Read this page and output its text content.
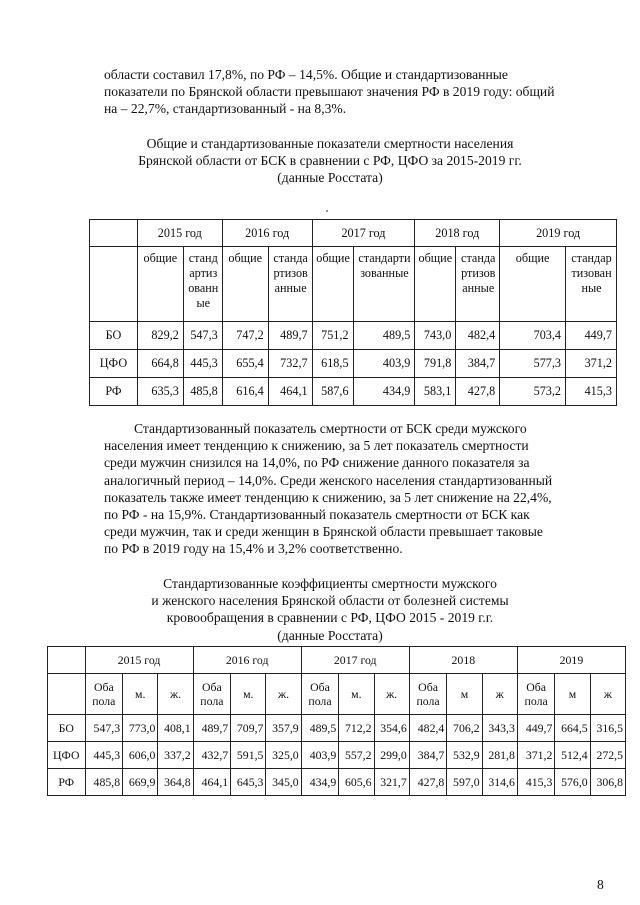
области составил 17,8%, по РФ – 14,5%. Общие и стандартизованные
показатели по Брянской области превышают значения РФ в 2019 году: общий
на – 22,7%, стандартизованный - на 8,3%.
Общие и стандартизованные показатели смертности населения
Брянской области от БСК в сравнении с РФ, ЦФО за 2015-2019 гг.
(данные Росстата)
	2015 год		2016 год		2017 год		2018 год		2019 год	
	общие	стандартизованные	общие	стандартизованные	общие	стандартизованные	общие	стандартизованные	общие	стандартизованные
БО	829,2	547,3	747,2	489,7	751,2	489,5	743,0	482,4	703,4	449,7
ЦФО	664,8	445,3	655,4	732,7	618,5	403,9	791,8	384,7	577,3	371,2
РФ	635,3	485,8	616,4	464,1	587,6	434,9	583,1	427,8	573,2	415,3
Стандартизованный показатель смертности от БСК среди мужского
населения имеет тенденцию к снижению, за 5 лет показатель смертности
среди мужчин снизился на 14,0%, по РФ снижение данного показателя за
аналогичный период – 14,0%. Среди женского населения стандартизованный
показатель также имеет тенденцию к снижению, за 5 лет снижение на 22,4%,
по РФ - на 15,9%. Стандартизованный показатель смертности от БСК как
среди мужчин, так и среди женщин в Брянской области превышает таковые
по РФ в 2019 году на 15,4% и 3,2% соответственно.
Стандартизованные коэффициенты смертности мужского
и женского населения Брянской области от болезней системы
кровообращения в сравнении с РФ, ЦФО 2015 - 2019 г.г.
(данные Росстата)
	2015 год			2016 год			2017 год			2018			2019		
	Оба пола	м.	ж.	Оба пола	м.	ж.	Оба пола	м.	ж.	Оба пола	м	ж	Оба пола	м	ж
БО	547,3	773,0	408,1	489,7	709,7	357,9	489,5	712,2	354,6	482,4	706,2	343,3	449,7	664,5	316,5
ЦФО	445,3	606,0	337,2	432,7	591,5	325,0	403,9	557,2	299,0	384,7	532,9	281,8	371,2	512,4	272,5
РФ	485,8	669,9	364,8	464,1	645,3	345,0	434,9	605,6	321,7	427,8	597,0	314,6	415,3	576,0	306,8
8
